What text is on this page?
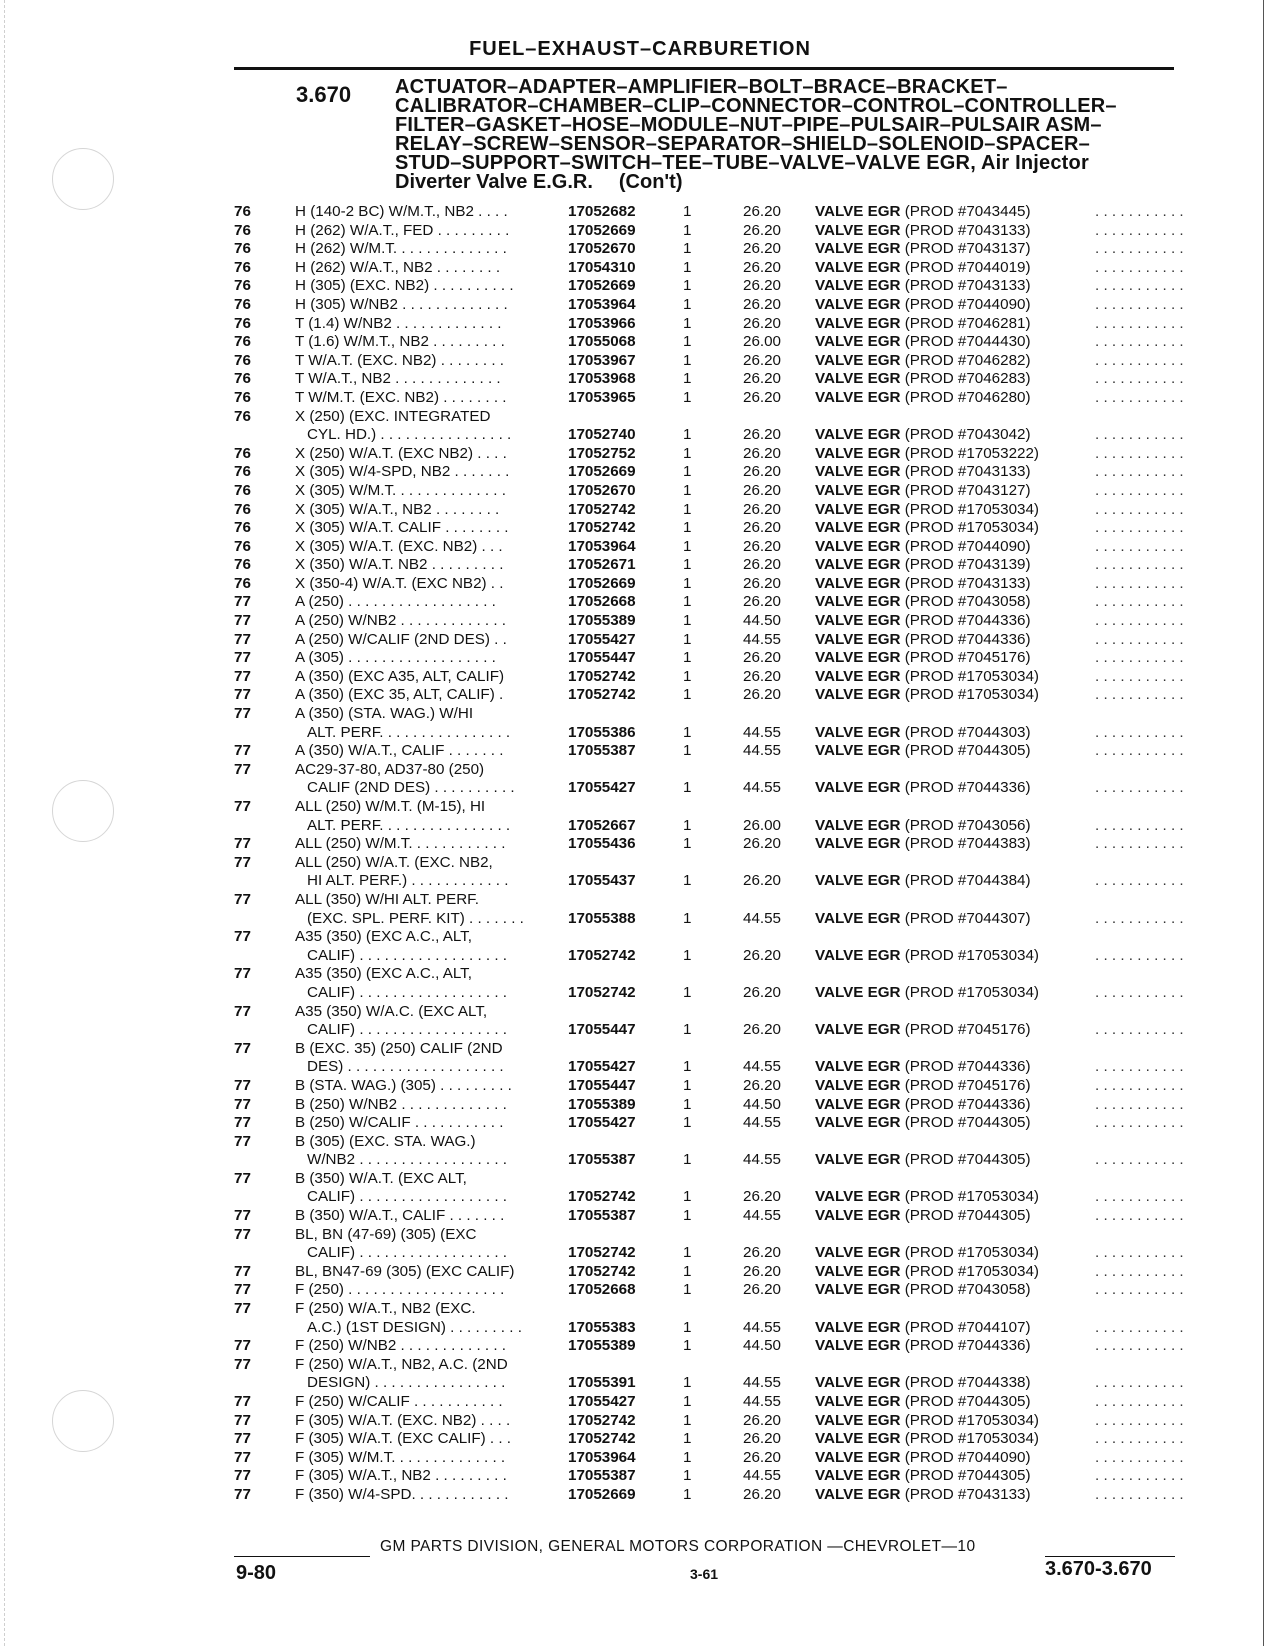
FUEL–EXHAUST–CARBURETION
3.670 ACTUATOR–ADAPTER–AMPLIFIER–BOLT–BRACE–BRACKET–
CALIBRATOR–CHAMBER–CLIP–CONNECTOR–CONTROL–CONTROLLER–
FILTER–GASKET–HOSE–MODULE–NUT–PIPE–PULSAIR–PULSAIR ASM–
RELAY–SCREW–SENSOR–SEPARATOR–SHIELD–SOLENOID–SPACER–
STUD–SUPPORT–SWITCH–TEE–TUBE–VALVE–VALVE EGR, Air Injector
Diverter Valve E.G.R. (Con't)
76	H (140-2 BC) W/M.T., NB2 . . . .	17052682	1	26.20 VALVE EGR (PROD #7043445)
. . .
76	H (262) W/A.T., FED . . . . . . . . .	17052669	1	26.20 VALVE EGR (PROD #7043133)
. . .
76	H (262) W/M.T. . . . . . . . . . . . . .	17052670	1	26.20 VALVE EGR (PROD #7043137)
. . .
76	H (262) W/A.T., NB2 . . . . . . . .	17054310	1	26.20 VALVE EGR (PROD #7044019)
. . .
76	H (305) (EXC. NB2) . . . . . . . . . .	17052669	1	26.20 VALVE EGR (PROD #7043133)
. . .
76	H (305) W/NB2 . . . . . . . . . . . . .	17053964	1	26.20 VALVE EGR (PROD #7044090)
. . .
76	T (1.4) W/NB2 . . . . . . . . . . . . .	17053966	1	26.20 VALVE EGR (PROD #7046281)
. . .
76	T (1.6) W/M.T., NB2 . . . . . . . . .	17055068	1	26.00 VALVE EGR (PROD #7044430)
. . .
76	T W/A.T. (EXC. NB2) . . . . . . . .	17053967	1	26.20 VALVE EGR (PROD #7046282)
. . .
76	T W/A.T., NB2 . . . . . . . . . . . . .	17053968	1	26.20 VALVE EGR (PROD #7046283)
. . .
76	T W/M.T. (EXC. NB2) . . . . . . . .	17053965	1	26.20 VALVE EGR (PROD #7046280)
. . .
76	X (250) (EXC. INTEGRATED
CYL. HD.) . . . . . . . . . . . . . . . .	17052740	1	26.20 VALVE EGR (PROD #7043042)
. . .
76	X (250) W/A.T. (EXC NB2) . . . .	17052752	1	26.20 VALVE EGR (PROD #17053222)
. . .
76	X (305) W/4-SPD, NB2 . . . . . . .	17052669	1	26.20 VALVE EGR (PROD #7043133)
. . .
76	X (305) W/M.T. . . . . . . . . . . . . .	17052670	1	26.20 VALVE EGR (PROD #7043127)
. . .
76	X (305) W/A.T., NB2 . . . . . . . .	17052742	1	26.20 VALVE EGR (PROD #17053034)
. . .
76	X (305) W/A.T. CALIF . . . . . . . .	17052742	1	26.20 VALVE EGR (PROD #17053034)
. . .
76	X (305) W/A.T. (EXC. NB2) . . .	17053964	1	26.20 VALVE EGR (PROD #7044090)
. . .
76	X (350) W/A.T. NB2 . . . . . . . . .	17052671	1	26.20 VALVE EGR (PROD #7043139)
. . .
76	X (350-4) W/A.T. (EXC NB2) . .	17052669	1	26.20 VALVE EGR (PROD #7043133)
. . .
77	A (250) . . . . . . . . . . . . . . . . . .	17052668	1	26.20 VALVE EGR (PROD #7043058)
. . .
77	A (250) W/NB2 . . . . . . . . . . . . .	17055389	1	44.50 VALVE EGR (PROD #7044336)
. . .
77	A (250) W/CALIF (2ND DES) . .	17055427	1	44.55 VALVE EGR (PROD #7044336)
. . .
77	A (305) . . . . . . . . . . . . . . . . . .	17055447	1	26.20 VALVE EGR (PROD #7045176)
. . .
77	A (350) (EXC A35, ALT, CALIF)	17052742	1	26.20 VALVE EGR (PROD #17053034)
. . .
77	A (350) (EXC 35, ALT, CALIF) .	17052742	1	26.20 VALVE EGR (PROD #17053034)
. . .
77	A (350) (STA. WAG.) W/HI
ALT. PERF. . . . . . . . . . . . . . . .	17055386	1	44.55 VALVE EGR (PROD #7044303)
. . .
77	A (350) W/A.T., CALIF . . . . . . .	17055387	1	44.55 VALVE EGR (PROD #7044305)
. . .
77	AC29-37-80, AD37-80 (250)
CALIF (2ND DES) . . . . . . . . . .	17055427	1	44.55 VALVE EGR (PROD #7044336)
. . .
77	ALL (250) W/M.T. (M-15), HI
ALT. PERF. . . . . . . . . . . . . . . .	17052667	1	26.00 VALVE EGR (PROD #7043056)
. . .
77	ALL (250) W/M.T. . . . . . . . . . . .	17055436	1	26.20 VALVE EGR (PROD #7044383)
. . .
77	ALL (250) W/A.T. (EXC. NB2,
HI ALT. PERF.) . . . . . . . . . . . .	17055437	1	26.20 VALVE EGR (PROD #7044384)
. . .
77	ALL (350) W/HI ALT. PERF.
(EXC. SPL. PERF. KIT) . . . . . . .	17055388	1	44.55 VALVE EGR (PROD #7044307)
. . .
77	A35 (350) (EXC A.C., ALT,
CALIF) . . . . . . . . . . . . . . . . . .	17052742	1	26.20 VALVE EGR (PROD #17053034)
. . .
77	A35 (350) (EXC A.C., ALT,
CALIF) . . . . . . . . . . . . . . . . . .	17052742	1	26.20 VALVE EGR (PROD #17053034)
. . .
77	A35 (350) W/A.C. (EXC ALT,
CALIF) . . . . . . . . . . . . . . . . . .	17055447	1	26.20 VALVE EGR (PROD #7045176)
. . .
77	B (EXC. 35) (250) CALIF (2ND
DES) . . . . . . . . . . . . . . . . . . .	17055427	1	44.55 VALVE EGR (PROD #7044336)
. . .
77	B (STA. WAG.) (305) . . . . . . . . .	17055447	1	26.20 VALVE EGR (PROD #7045176)
. . .
77	B (250) W/NB2 . . . . . . . . . . . . .	17055389	1	44.50 VALVE EGR (PROD #7044336)
. . .
77	B (250) W/CALIF . . . . . . . . . . .	17055427	1	44.55 VALVE EGR (PROD #7044305)
. . .
77	B (305) (EXC. STA. WAG.)
W/NB2 . . . . . . . . . . . . . . . . . .	17055387	1	44.55 VALVE EGR (PROD #7044305)
. . .
77	B (350) W/A.T. (EXC ALT,
CALIF) . . . . . . . . . . . . . . . . . .	17052742	1	26.20 VALVE EGR (PROD #17053034)
. . .
77	B (350) W/A.T., CALIF . . . . . . .	17055387	1	44.55 VALVE EGR (PROD #7044305)
. . .
77	BL, BN (47-69) (305) (EXC
CALIF) . . . . . . . . . . . . . . . . . .	17052742	1	26.20 VALVE EGR (PROD #17053034)
. . .
77	BL, BN47-69 (305) (EXC CALIF)	17052742	1	26.20 VALVE EGR (PROD #17053034)
. . .
77	F (250) . . . . . . . . . . . . . . . . . . .	17052668	1	26.20 VALVE EGR (PROD #7043058)
. . .
77	F (250) W/A.T., NB2 (EXC.
A.C.) (1ST DESIGN) . . . . . . . . .	17055383	1	44.55 VALVE EGR (PROD #7044107)
. . .
77	F (250) W/NB2 . . . . . . . . . . . . .	17055389	1	44.50 VALVE EGR (PROD #7044336)
. . .
77	F (250) W/A.T., NB2, A.C. (2ND
DESIGN) . . . . . . . . . . . . . . . .	17055391	1	44.55 VALVE EGR (PROD #7044338)
. . .
77	F (250) W/CALIF . . . . . . . . . . .	17055427	1	44.55 VALVE EGR (PROD #7044305)
. . .
77	F (305) W/A.T. (EXC. NB2) . . . .	17052742	1	26.20 VALVE EGR (PROD #17053034)
. . .
77	F (305) W/A.T. (EXC CALIF) . . .	17052742	1	26.20 VALVE EGR (PROD #17053034)
. . .
77	F (305) W/M.T. . . . . . . . . . . . . .	17053964	1	26.20 VALVE EGR (PROD #7044090)
. . .
77	F (305) W/A.T., NB2 . . . . . . . . .	17055387	1	44.55 VALVE EGR (PROD #7044305)
. . .
77	F (350) W/4-SPD. . . . . . . . . . . .	17052669	1	26.20 VALVE EGR (PROD #7043133)
. . .
GM PARTS DIVISION, GENERAL MOTORS CORPORATION —CHEVROLET—10
9-80	3-61	3.670-3.670
